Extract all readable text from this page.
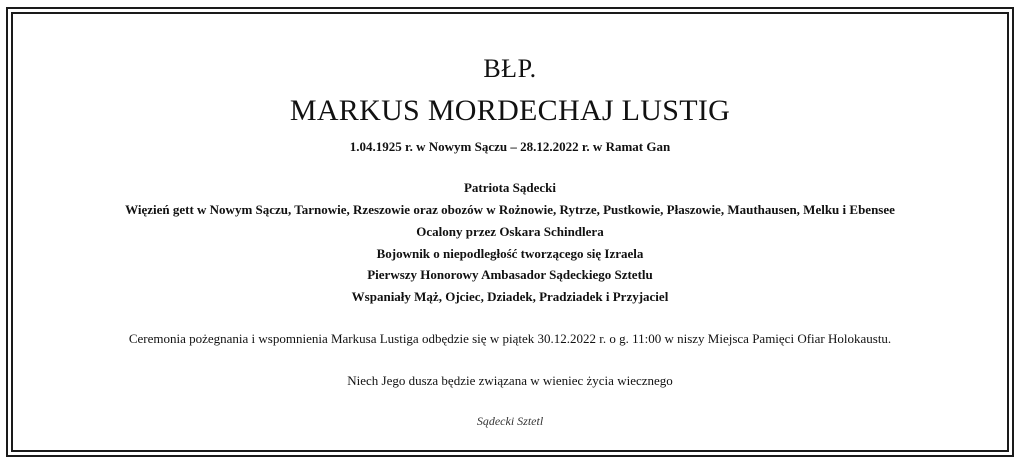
BŁP.
MARKUS MORDECHAJ LUSTIG
1.04.1925 r. w Nowym Sączu – 28.12.2022 r. w Ramat Gan
Patriota Sądecki
Więzień gett w Nowym Sączu, Tarnowie, Rzeszowie oraz obozów w Rożnowie, Rytrze, Pustkowie, Płaszowie, Mauthausen, Melku i Ebensee
Ocalony przez Oskara Schindlera
Bojownik o niepodległość tworzącego się Izraela
Pierwszy Honorowy Ambasador Sądeckiego Sztetlu
Wspaniały Mąż, Ojciec, Dziadek, Pradziadek i Przyjaciel
Ceremonia pożegnania i wspomnienia Markusa Lustiga odbędzie się w piątek 30.12.2022 r. o g. 11:00 w niszy Miejsca Pamięci Ofiar Holokaustu.
Niech Jego dusza będzie związana w wieniec życia wiecznego
Sądecki Sztetl
